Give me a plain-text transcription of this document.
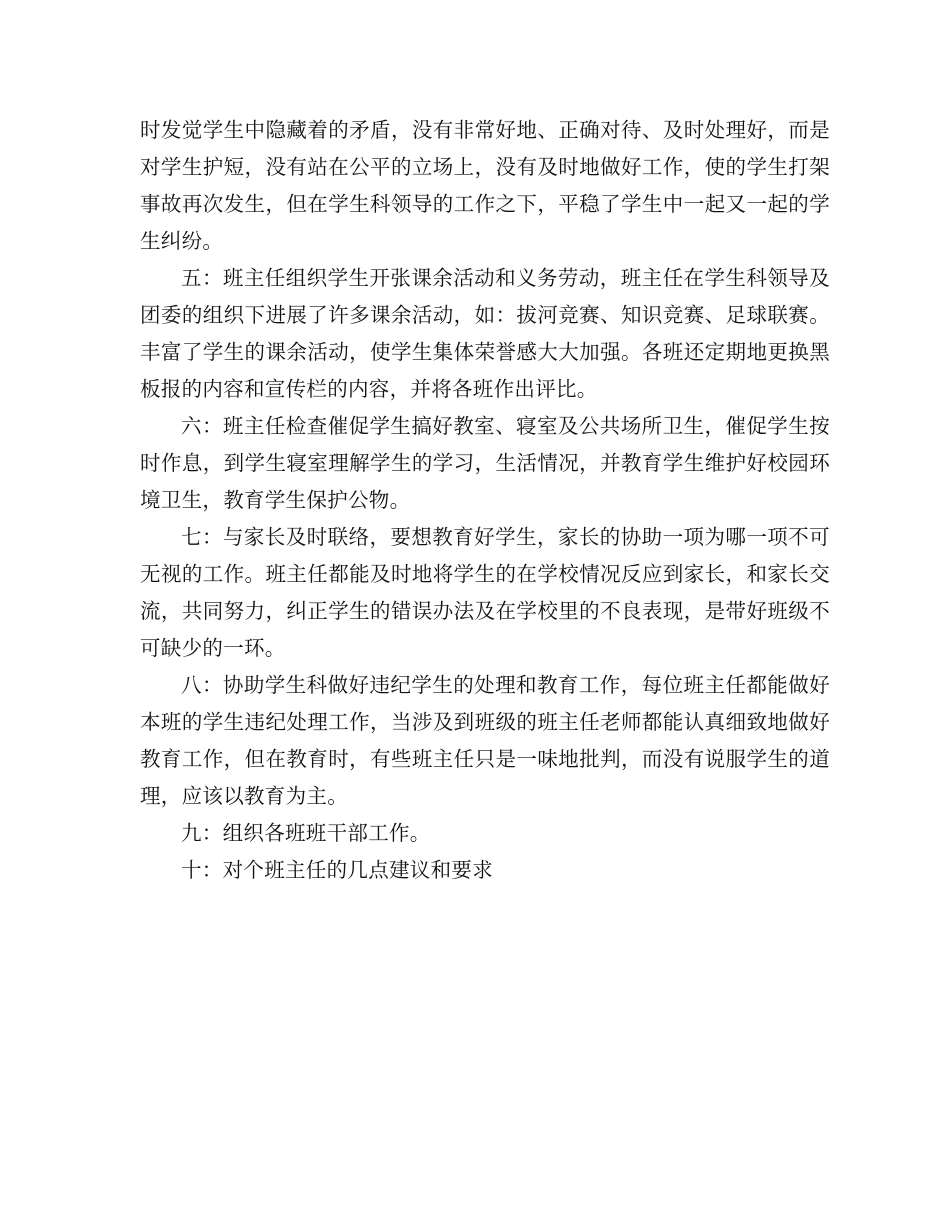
时发觉学生中隐藏着的矛盾，没有非常好地、正确对待、及时处理好，而是对学生护短，没有站在公平的立场上，没有及时地做好工作，使的学生打架事故再次发生，但在学生科领导的工作之下，平稳了学生中一起又一起的学生纠纷。

五：班主任组织学生开张课余活动和义务劳动，班主任在学生科领导及团委的组织下进展了许多课余活动，如：拔河竞赛、知识竞赛、足球联赛。丰富了学生的课余活动，使学生集体荣誉感大大加强。各班还定期地更换黑板报的内容和宣传栏的内容，并将各班作出评比。

六：班主任检查催促学生搞好教室、寝室及公共场所卫生，催促学生按时作息，到学生寝室理解学生的学习，生活情况，并教育学生维护好校园环境卫生，教育学生保护公物。

七：与家长及时联络，要想教育好学生，家长的协助一项为哪一项不可无视的工作。班主任都能及时地将学生的在学校情况反应到家长，和家长交流，共同努力，纠正学生的错误办法及在学校里的不良表现，是带好班级不可缺少的一环。

八：协助学生科做好违纪学生的处理和教育工作，每位班主任都能做好本班的学生违纪处理工作，当涉及到班级的班主任老师都能认真细致地做好教育工作，但在教育时，有些班主任只是一味地批判，而没有说服学生的道理，应该以教育为主。

九：组织各班班干部工作。

十：对个班主任的几点建议和要求
